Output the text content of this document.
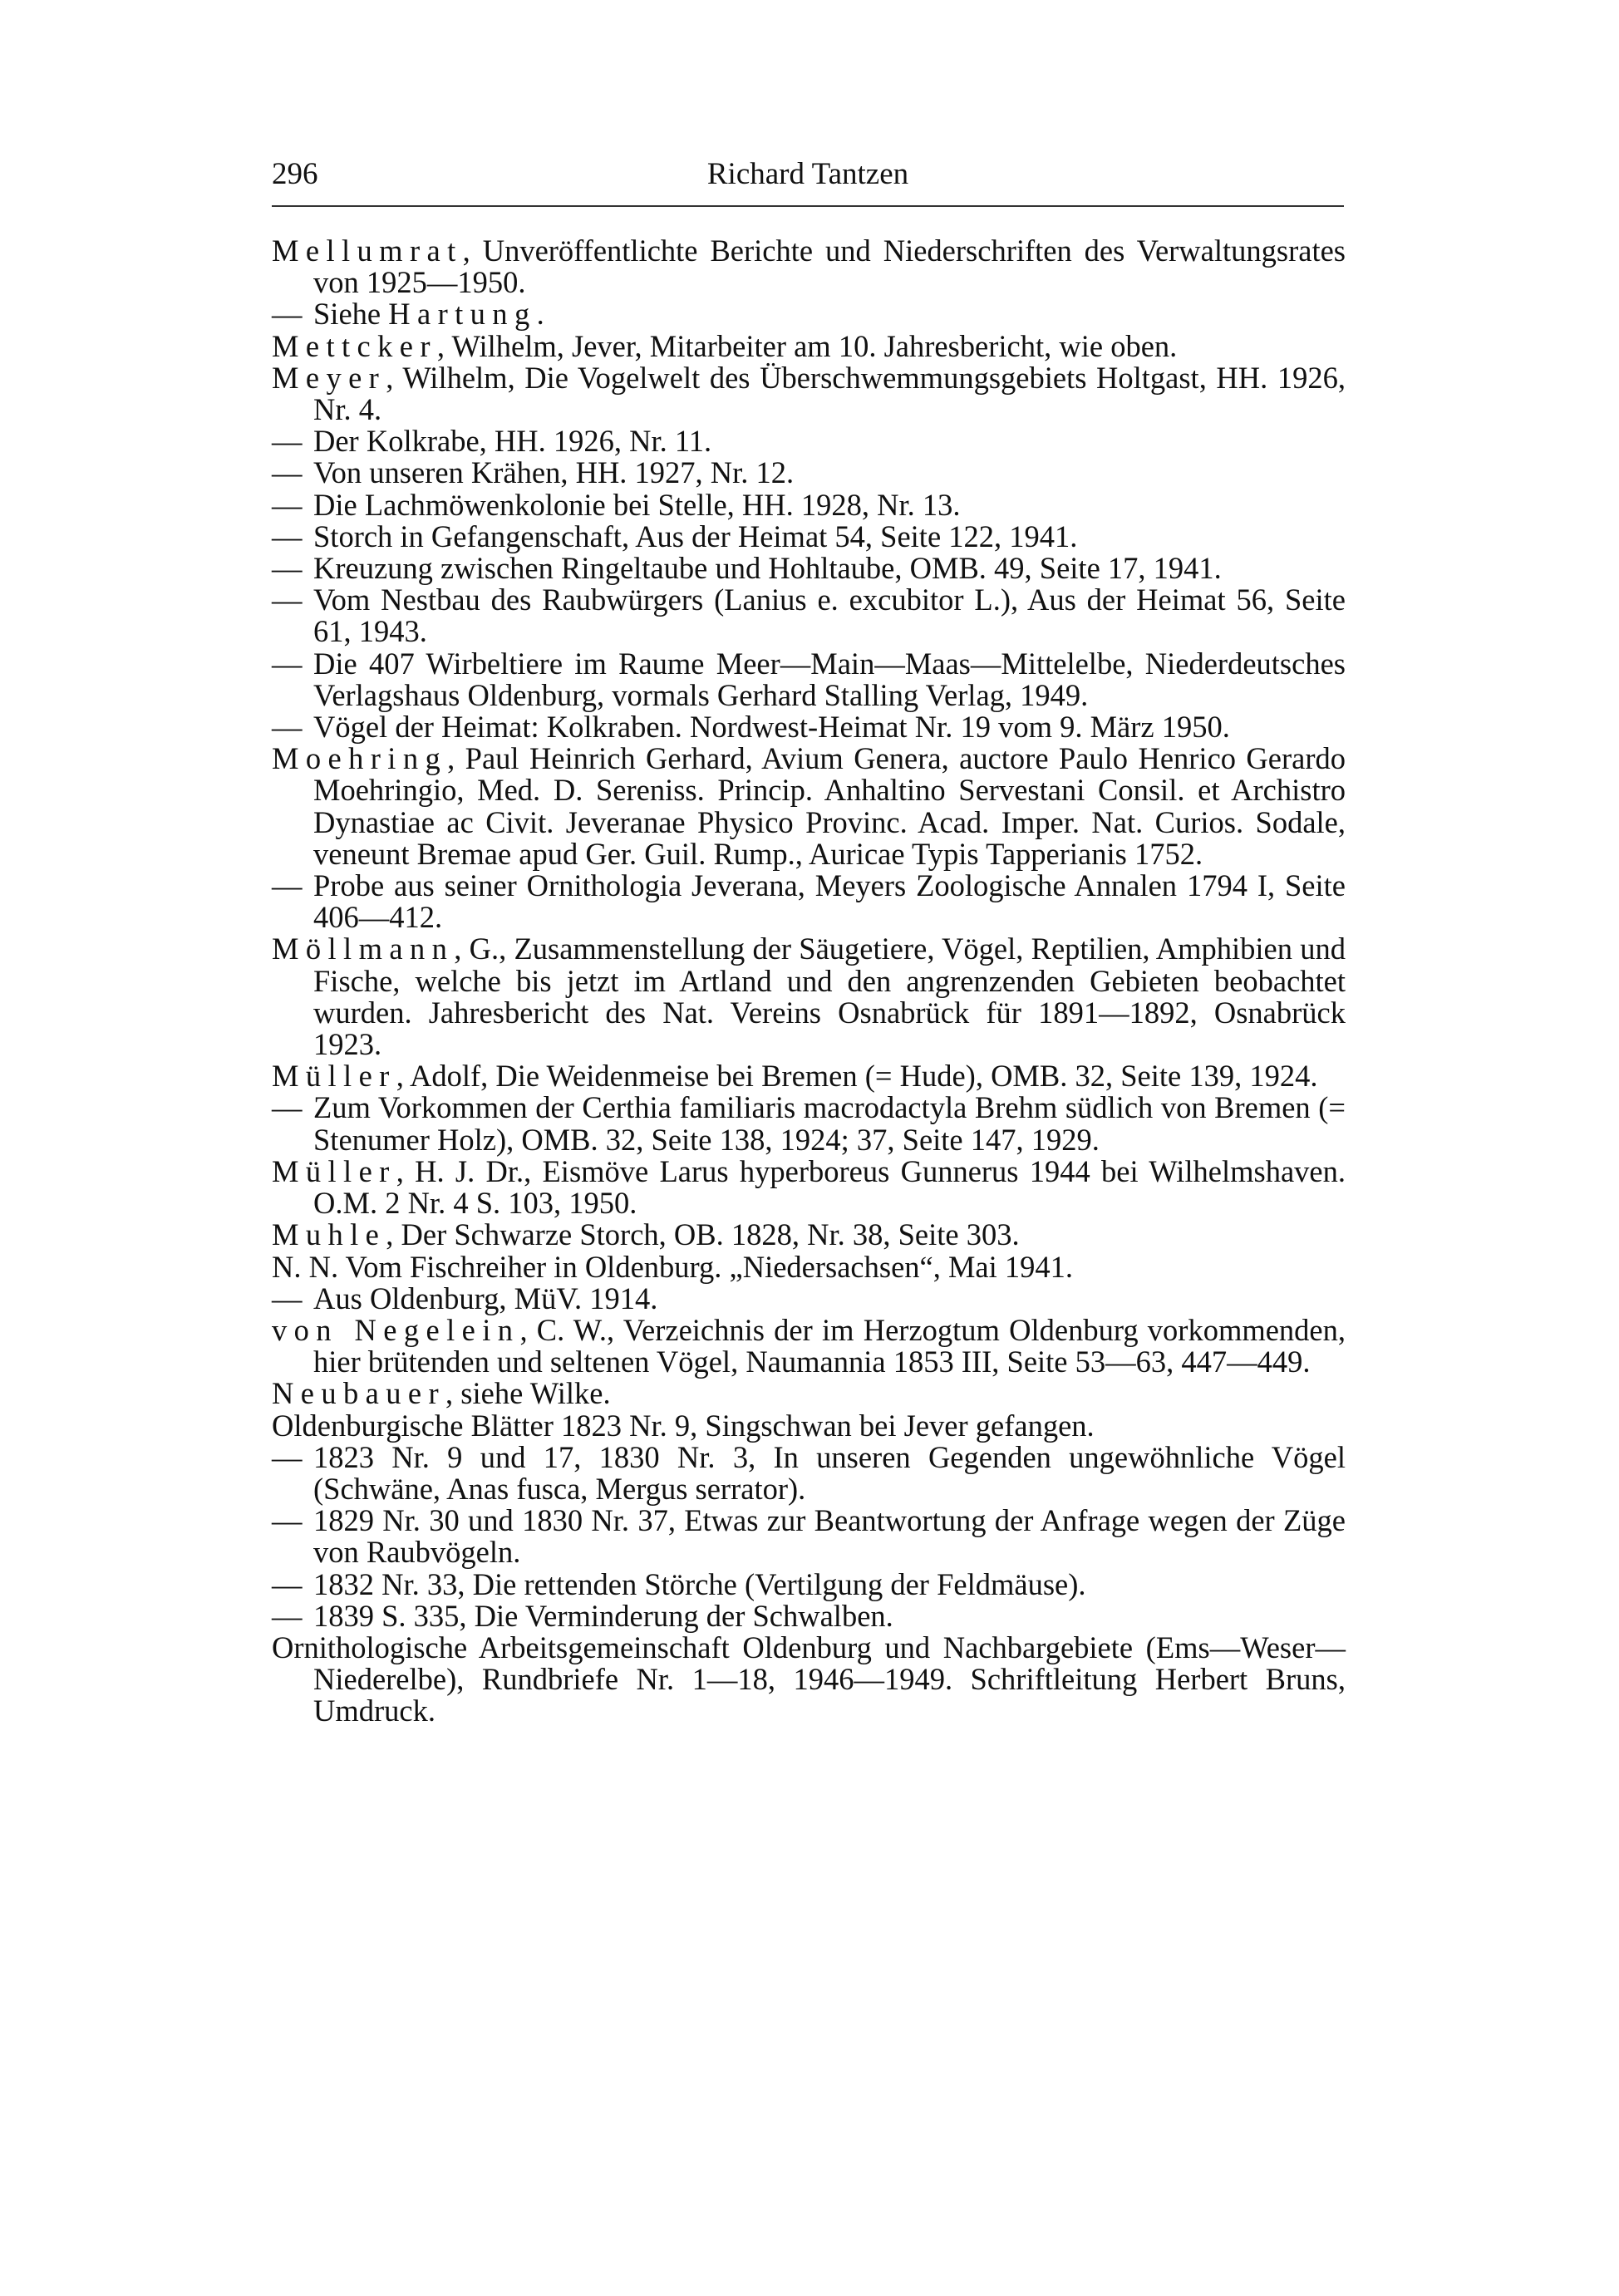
296	Richard Tantzen

Mellumrat, Unveröffentlichte Berichte und Niederschriften des Verwaltungsrates von 1925—1950.

— Siehe Hartung.

Mettcker, Wilhelm, Jever, Mitarbeiter am 10. Jahresbericht, wie oben.

Meyer, Wilhelm, Die Vogelwelt des Überschwemmungsgebiets Holtgast, HH. 1926, Nr. 4.

— Der Kolkrabe, HH. 1926, Nr. 11.

— Von unseren Krähen, HH. 1927, Nr. 12.

— Die Lachmöwenkolonie bei Stelle, HH. 1928, Nr. 13.

— Storch in Gefangenschaft, Aus der Heimat 54, Seite 122, 1941.

— Kreuzung zwischen Ringeltaube und Hohltaube, OMB. 49, Seite 17, 1941.

— Vom Nestbau des Raubwürgers (Lanius e. excubitor L.), Aus der Heimat 56, Seite 61, 1943.

— Die 407 Wirbeltiere im Raume Meer—Main—Maas—Mittelelbe, Niederdeutsches Verlagshaus Oldenburg, vormals Gerhard Stalling Verlag, 1949.

— Vögel der Heimat: Kolkraben. Nordwest-Heimat Nr. 19 vom 9. März 1950.

Moehring, Paul Heinrich Gerhard, Avium Genera, auctore Paulo Henrico Gerardo Moehringio, Med. D. Sereniss. Princip. Anhaltino Servestani Consil. et Archistro Dynastiae ac Civit. Jeveranae Physico Provinc. Acad. Imper. Nat. Curios. Sodale, veneunt Bremae apud Ger. Guil. Rump., Auricae Typis Tapperianis 1752.

— Probe aus seiner Ornithologia Jeverana, Meyers Zoologische Annalen 1794 I, Seite 406—412.

Möllmann, G., Zusammenstellung der Säugetiere, Vögel, Reptilien, Amphibien und Fische, welche bis jetzt im Artland und den angrenzenden Gebieten beobachtet wurden. Jahresbericht des Nat. Vereins Osnabrück für 1891—1892, Osnabrück 1923.

Müller, Adolf, Die Weidenmeise bei Bremen (= Hude), OMB. 32, Seite 139, 1924.

— Zum Vorkommen der Certhia familiaris macrodactyla Brehm südlich von Bremen (= Stenumer Holz), OMB. 32, Seite 138, 1924; 37, Seite 147, 1929.

Müller, H. J. Dr., Eismöve Larus hyperboreus Gunnerus 1944 bei Wilhelmshaven. O.M. 2 Nr. 4 S. 103, 1950.

Muhle, Der Schwarze Storch, OB. 1828, Nr. 38, Seite 303.

N. N. Vom Fischreiher in Oldenburg. „Niedersachsen“, Mai 1941.

— Aus Oldenburg, MüV. 1914.

von Negelein, C. W., Verzeichnis der im Herzogtum Oldenburg vorkommenden, hier brütenden und seltenen Vögel, Naumannia 1853 III, Seite 53—63, 447—449.

Neubauer, siehe Wilke.

Oldenburgische Blätter 1823 Nr. 9, Singschwan bei Jever gefangen.

— 1823 Nr. 9 und 17, 1830 Nr. 3, In unseren Gegenden ungewöhnliche Vögel (Schwäne, Anas fusca, Mergus serrator).

— 1829 Nr. 30 und 1830 Nr. 37, Etwas zur Beantwortung der Anfrage wegen der Züge von Raubvögeln.

— 1832 Nr. 33, Die rettenden Störche (Vertilgung der Feldmäuse).

— 1839 S. 335, Die Verminderung der Schwalben.

Ornithologische Arbeitsgemeinschaft Oldenburg und Nachbargebiete (Ems—Weser—Niederelbe), Rundbriefe Nr. 1—18, 1946—1949. Schriftleitung Herbert Bruns, Umdruck.
